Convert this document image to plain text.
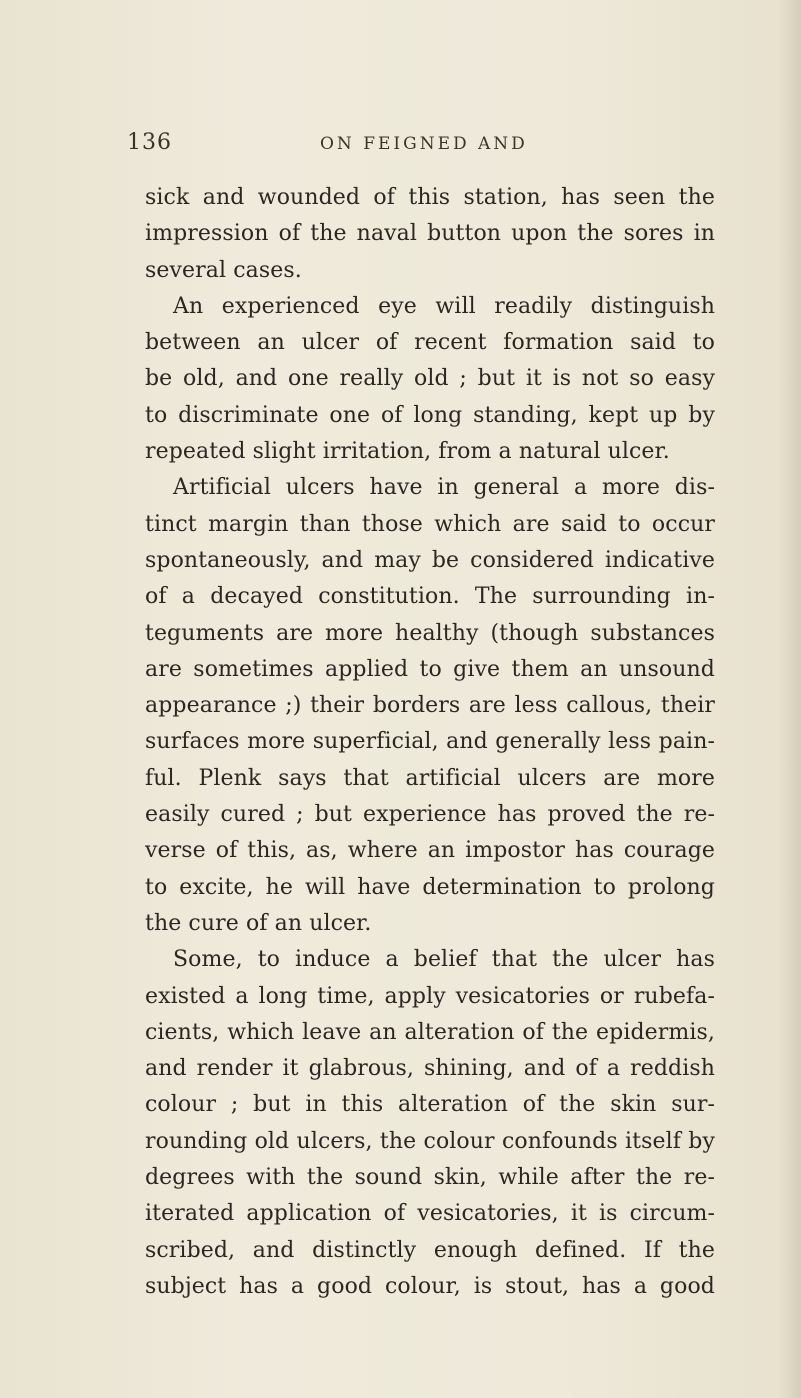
136	ON FEIGNED AND
sick and wounded of this station, has seen the
impression of the naval button upon the sores in
several cases.
An experienced eye will readily distinguish
between an ulcer of recent formation said to
be old, and one really old ; but it is not so easy
to discriminate one of long standing, kept up by
repeated slight irritation, from a natural ulcer.
Artificial ulcers have in general a more dis-
tinct margin than those which are said to occur
spontaneously, and may be considered indicative
of a decayed constitution. The surrounding in-
teguments are more healthy (though substances
are sometimes applied to give them an unsound
appearance ;) their borders are less callous, their
surfaces more superficial, and generally less pain-
ful. Plenk says that artificial ulcers are more
easily cured ; but experience has proved the re-
verse of this, as, where an impostor has courage
to excite, he will have determination to prolong
the cure of an ulcer.
Some, to induce a belief that the ulcer has
existed a long time, apply vesicatories or rubefa-
cients, which leave an alteration of the epidermis,
and render it glabrous, shining, and of a reddish
colour ; but in this alteration of the skin sur-
rounding old ulcers, the colour confounds itself by
degrees with the sound skin, while after the re-
iterated application of vesicatories, it is circum-
scribed, and distinctly enough defined. If the
subject has a good colour, is stout, has a good
